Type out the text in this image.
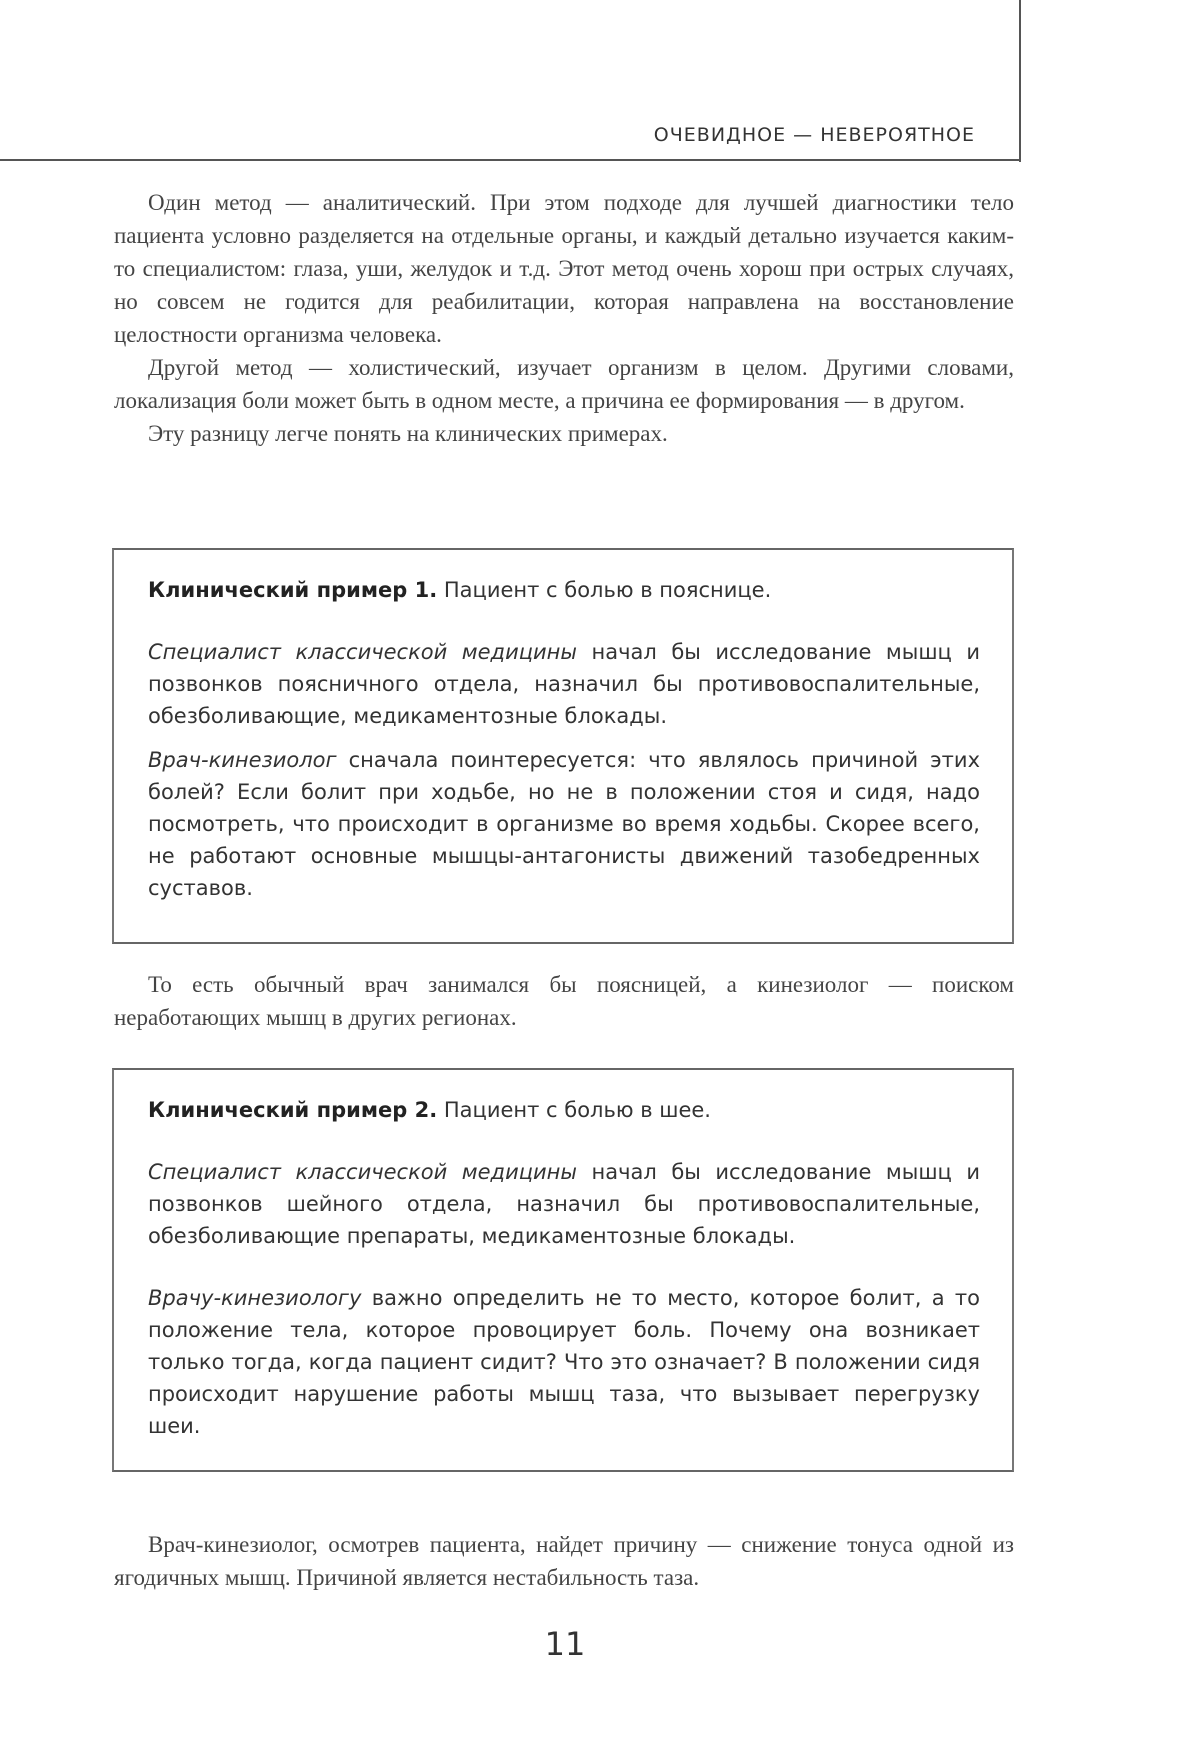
ОЧЕВИДНОЕ — НЕВЕРОЯТНОЕ

Один метод — аналитический. При этом подходе для лучшей диагностики тело пациента условно разделяется на отдельные органы, и каждый детально изучается каким-то специалистом: глаза, уши, желудок и т.д. Этот метод очень хорош при острых случаях, но совсем не годится для реабилитации, которая направлена на восстановление целостности организма человека.

Другой метод — холистический, изучает организм в целом. Другими словами, локализация боли может быть в одном месте, а причина ее формирования — в другом.

Эту разницу легче понять на клинических примерах.

Клинический пример 1. Пациент с болью в пояснице.

Специалист классической медицины начал бы исследование мышц и позвонков поясничного отдела, назначил бы противовоспалительные, обезболивающие, медикаментозные блокады.

Врач-кинезиолог сначала поинтересуется: что являлось причиной этих болей? Если болит при ходьбе, но не в положении стоя и сидя, надо посмотреть, что происходит в организме во время ходьбы. Скорее всего, не работают основные мышцы-антагонисты движений тазобедренных суставов.

То есть обычный врач занимался бы поясницей, а кинезиолог — поиском неработающих мышц в других регионах.

Клинический пример 2. Пациент с болью в шее.

Специалист классической медицины начал бы исследование мышц и позвонков шейного отдела, назначил бы противовоспалительные, обезболивающие препараты, медикаментозные блокады.

Врачу-кинезиологу важно определить не то место, которое болит, а то положение тела, которое провоцирует боль. Почему она возникает только тогда, когда пациент сидит? Что это означает? В положении сидя происходит нарушение работы мышц таза, что вызывает перегрузку шеи.

Врач-кинезиолог, осмотрев пациента, найдет причину — снижение тонуса одной из ягодичных мышц. Причиной является нестабильность таза.

11
